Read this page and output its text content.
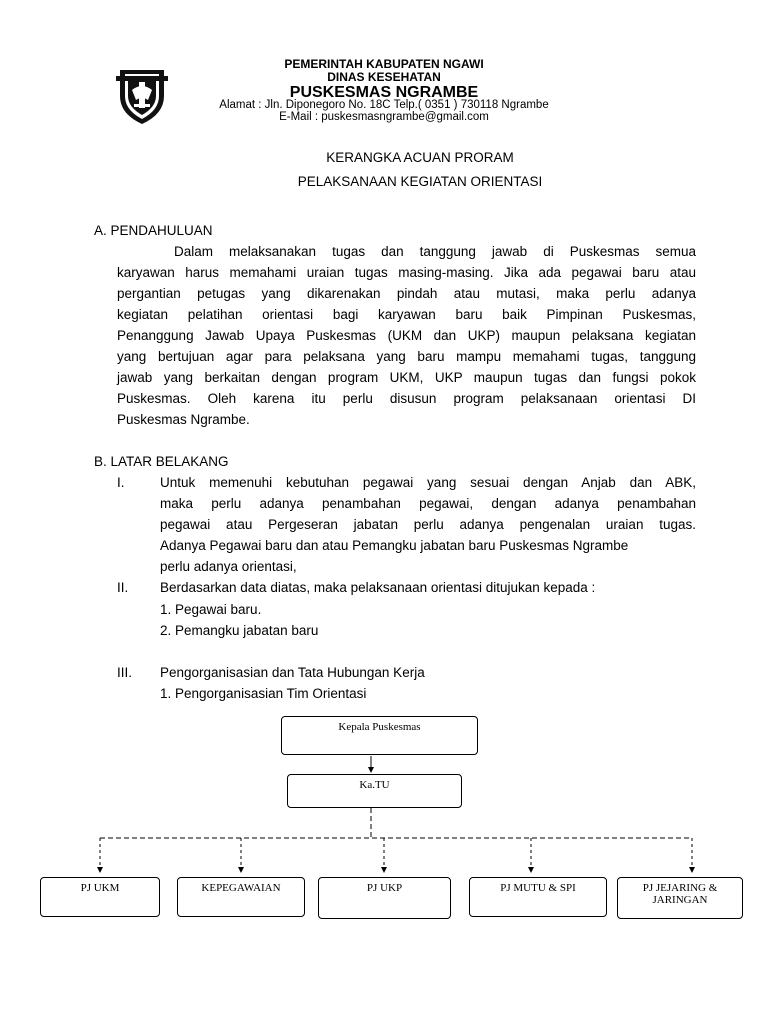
PEMERINTAH KABUPATEN NGAWI
DINAS KESEHATAN
PUSKESMAS NGRAMBE
Alamat : Jln. Diponegoro No. 18C Telp.( 0351 ) 730118 Ngrambe
E-Mail : puskesmasngrambe@gmail.com
KERANGKA ACUAN PRORAM
PELAKSANAAN KEGIATAN ORIENTASI
A. PENDAHULUAN
Dalam melaksanakan tugas dan tanggung jawab di Puskesmas semua
karyawan harus memahami uraian tugas masing-masing. Jika ada pegawai baru atau
pergantian petugas yang dikarenakan pindah atau mutasi, maka perlu adanya
kegiatan pelatihan orientasi bagi karyawan baru baik Pimpinan Puskesmas,
Penanggung Jawab Upaya Puskesmas (UKM dan UKP) maupun pelaksana kegiatan
yang bertujuan agar para pelaksana yang baru mampu memahami tugas, tanggung
jawab yang berkaitan dengan program UKM, UKP maupun tugas dan fungsi pokok
Puskesmas. Oleh karena itu perlu disusun program pelaksanaan orientasi DI
Puskesmas Ngrambe.
B. LATAR BELAKANG
I.	Untuk memenuhi kebutuhan pegawai yang sesuai dengan Anjab dan ABK,
maka perlu adanya penambahan pegawai, dengan adanya penambahan
pegawai atau Pergeseran jabatan perlu adanya pengenalan uraian tugas.
Adanya Pegawai baru dan atau Pemangku jabatan baru Puskesmas Ngrambe
perlu adanya orientasi,
II. Berdasarkan data diatas, maka pelaksanaan orientasi ditujukan kepada :
1. Pegawai baru.
2. Pemangku jabatan baru
III. Pengorganisasian dan Tata Hubungan Kerja
1. Pengorganisasian Tim Orientasi
Kepala Puskesmas
Ka.TU
PJ UKM	KEPEGAWAIAN	PJ UKP	PJ MUTU & SPI	PJ JEJARING & JARINGAN
